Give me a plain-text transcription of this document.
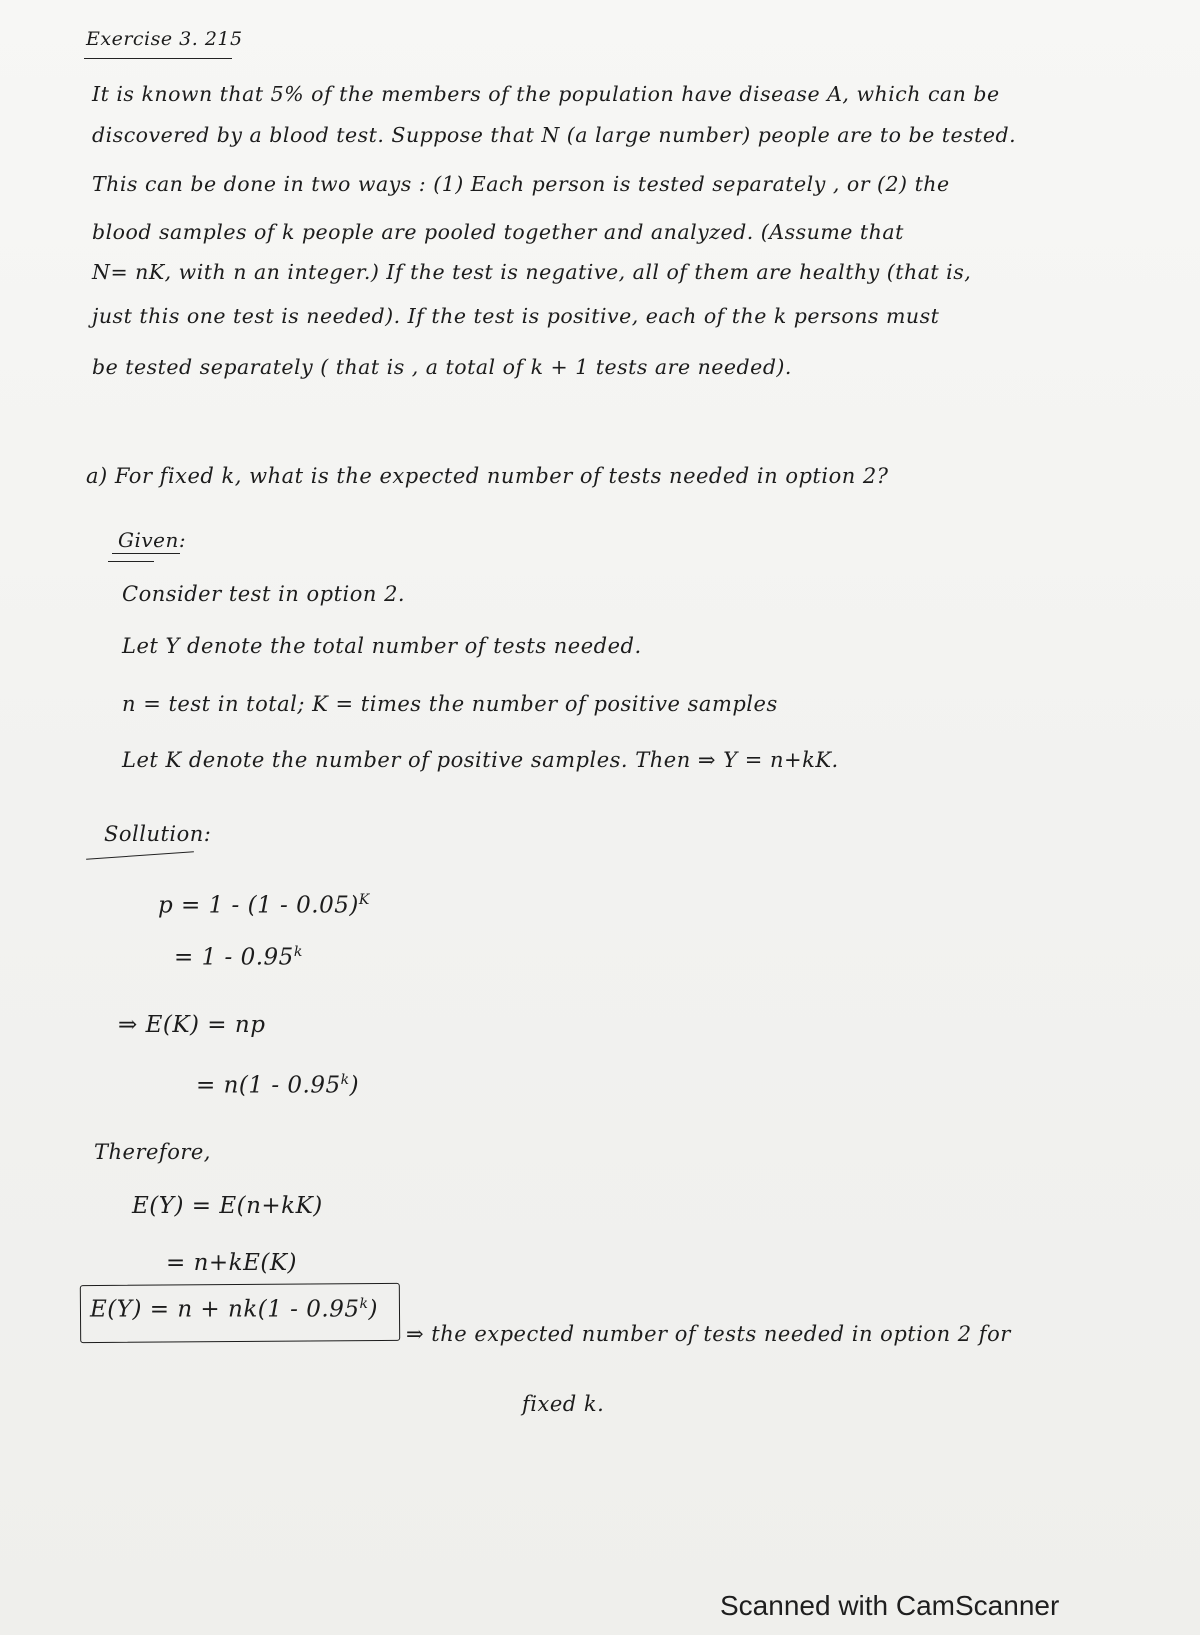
Exercise 3. 215
It is known that 5% of the members of the population have disease A, which can be
discovered by a blood test. Suppose that N (a large number) people are to be tested.
This can be done in two ways : (1) Each person is tested separately , or (2) the
blood samples of k people are pooled together and analyzed. (Assume that
N= nK, with n an integer.) If the test is negative, all of them are healthy (that is,
just this one test is needed). If the test is positive, each of the k persons must
be tested separately ( that is , a total of k + 1 tests are needed).
a) For fixed k, what is the expected number of tests needed in option 2?
Given:
Consider test in option 2.
Let Y denote the total number of tests needed.
n = test in total; K = times the number of positive samples
Let K denote the number of positive samples. Then ⇒ Y = n+kK.
Sollution:
p = 1 - (1 - 0.05)$^K$
= 1 - 0.95$^k$
⇒ E(K) = np
= n(1 - 0.95$^k$)
Therefore,
E(Y) = E(n+kK)
= n+kE(K)
E(Y) = n + nk(1 - 0.95$^k$)
⇒ the expected number of tests needed in option 2 for
fixed k.
Scanned with CamScanner
